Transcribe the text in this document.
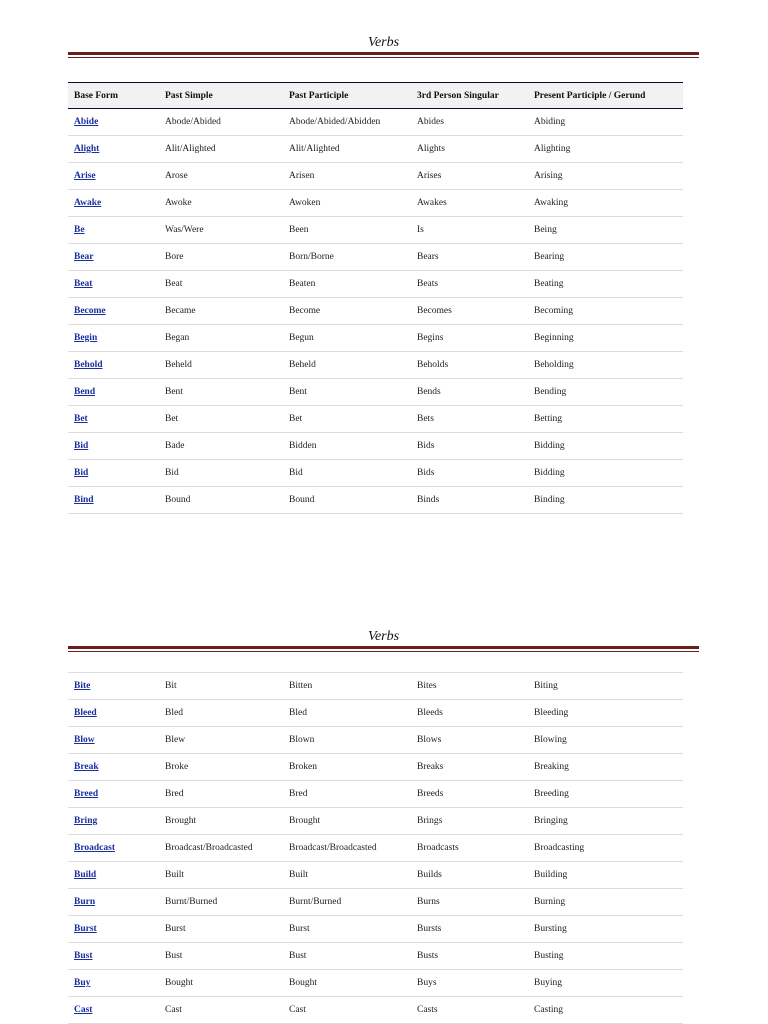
Verbs
Base Form	Past Simple	Past Participle	3rd Person Singular	Present Participle / Gerund
Abide	Abode/Abided	Abode/Abided/Abidden	Abides	Abiding
Alight	Alit/Alighted	Alit/Alighted	Alights	Alighting
Arise	Arose	Arisen	Arises	Arising
Awake	Awoke	Awoken	Awakes	Awaking
Be	Was/Were	Been	Is	Being
Bear	Bore	Born/Borne	Bears	Bearing
Beat	Beat	Beaten	Beats	Beating
Become	Became	Become	Becomes	Becoming
Begin	Began	Begun	Begins	Beginning
Behold	Beheld	Beheld	Beholds	Beholding
Bend	Bent	Bent	Bends	Bending
Bet	Bet	Bet	Bets	Betting
Bid	Bade	Bidden	Bids	Bidding
Bid	Bid	Bid	Bids	Bidding
Bind	Bound	Bound	Binds	Binding
Verbs
Bite	Bit	Bitten	Bites	Biting
Bleed	Bled	Bled	Bleeds	Bleeding
Blow	Blew	Blown	Blows	Blowing
Break	Broke	Broken	Breaks	Breaking
Breed	Bred	Bred	Breeds	Breeding
Bring	Brought	Brought	Brings	Bringing
Broadcast	Broadcast/Broadcasted	Broadcast/Broadcasted	Broadcasts	Broadcasting
Build	Built	Built	Builds	Building
Burn	Burnt/Burned	Burnt/Burned	Burns	Burning
Burst	Burst	Burst	Bursts	Bursting
Bust	Bust	Bust	Busts	Busting
Buy	Bought	Bought	Buys	Buying
Cast	Cast	Cast	Casts	Casting
